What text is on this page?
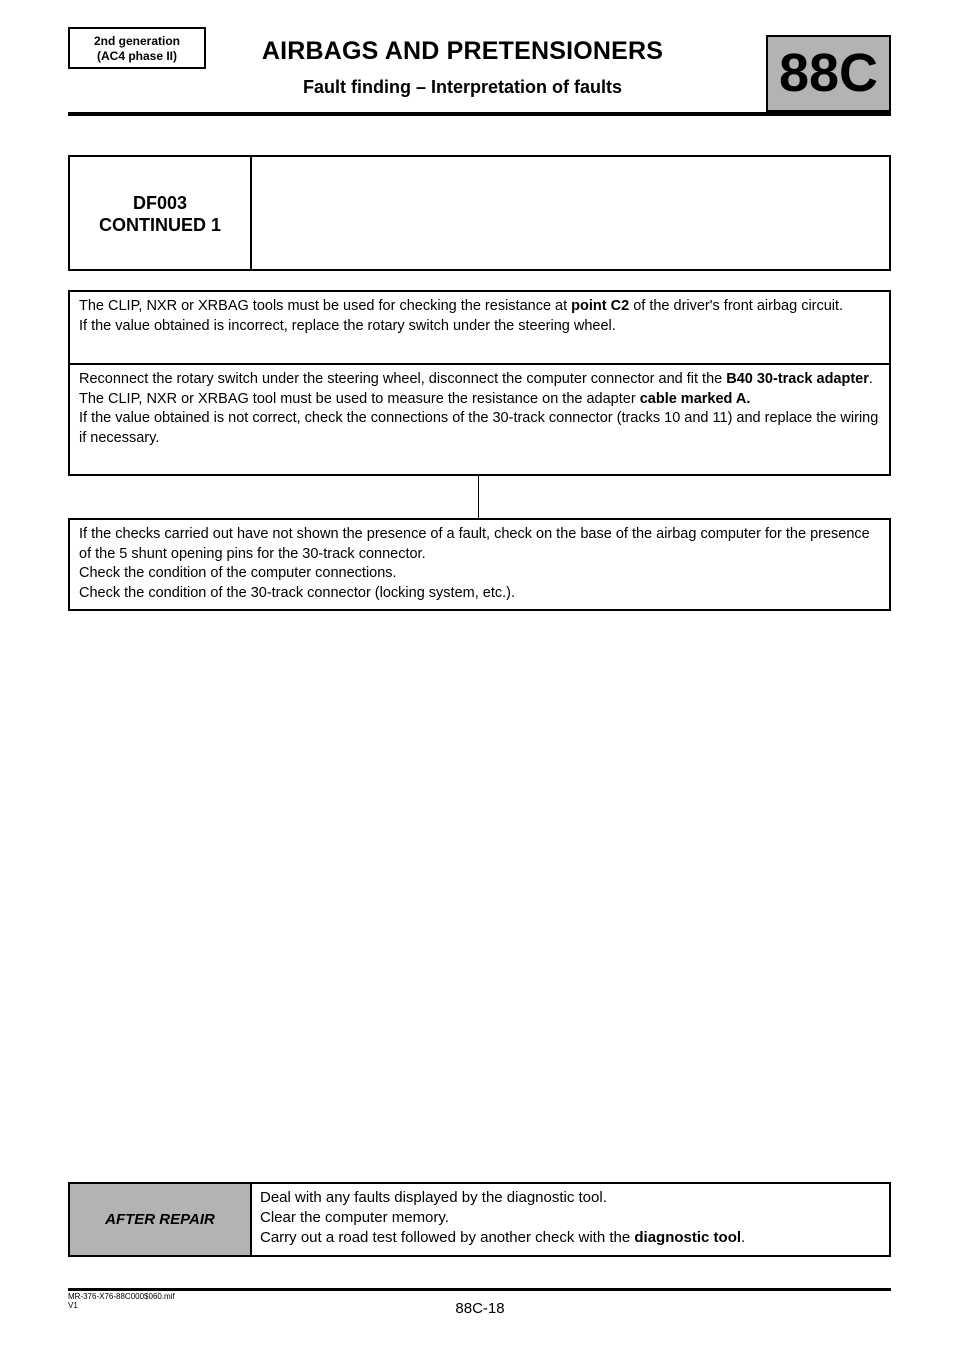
2nd generation
(AC4 phase II)	AIRBAGS AND PRETENSIONERS
Fault finding – Interpretation of faults	88C
DF003
CONTINUED 1

The CLIP, NXR or XRBAG tools must be used for checking the resistance at point C2 of the driver's front airbag circuit.

If the value obtained is incorrect, replace the rotary switch under the steering wheel.

Reconnect the rotary switch under the steering wheel, disconnect the computer connector and fit the B40 30-track adapter.

The CLIP, NXR or XRBAG tool must be used to measure the resistance on the adapter cable marked A.

If the value obtained is not correct, check the connections of the 30-track connector (tracks 10 and 11) and replace the wiring if necessary.

If the checks carried out have not shown the presence of a fault, check on the base of the airbag computer for the presence of the 5 shunt opening pins for the 30-track connector.

Check the condition of the computer connections.

Check the condition of the 30-track connector (locking system, etc.).

AFTER REPAIR

Deal with any faults displayed by the diagnostic tool.

Clear the computer memory.

Carry out a road test followed by another check with the diagnostic tool.

MR-376-X76-88C000$060.mif
V1	88C-18
